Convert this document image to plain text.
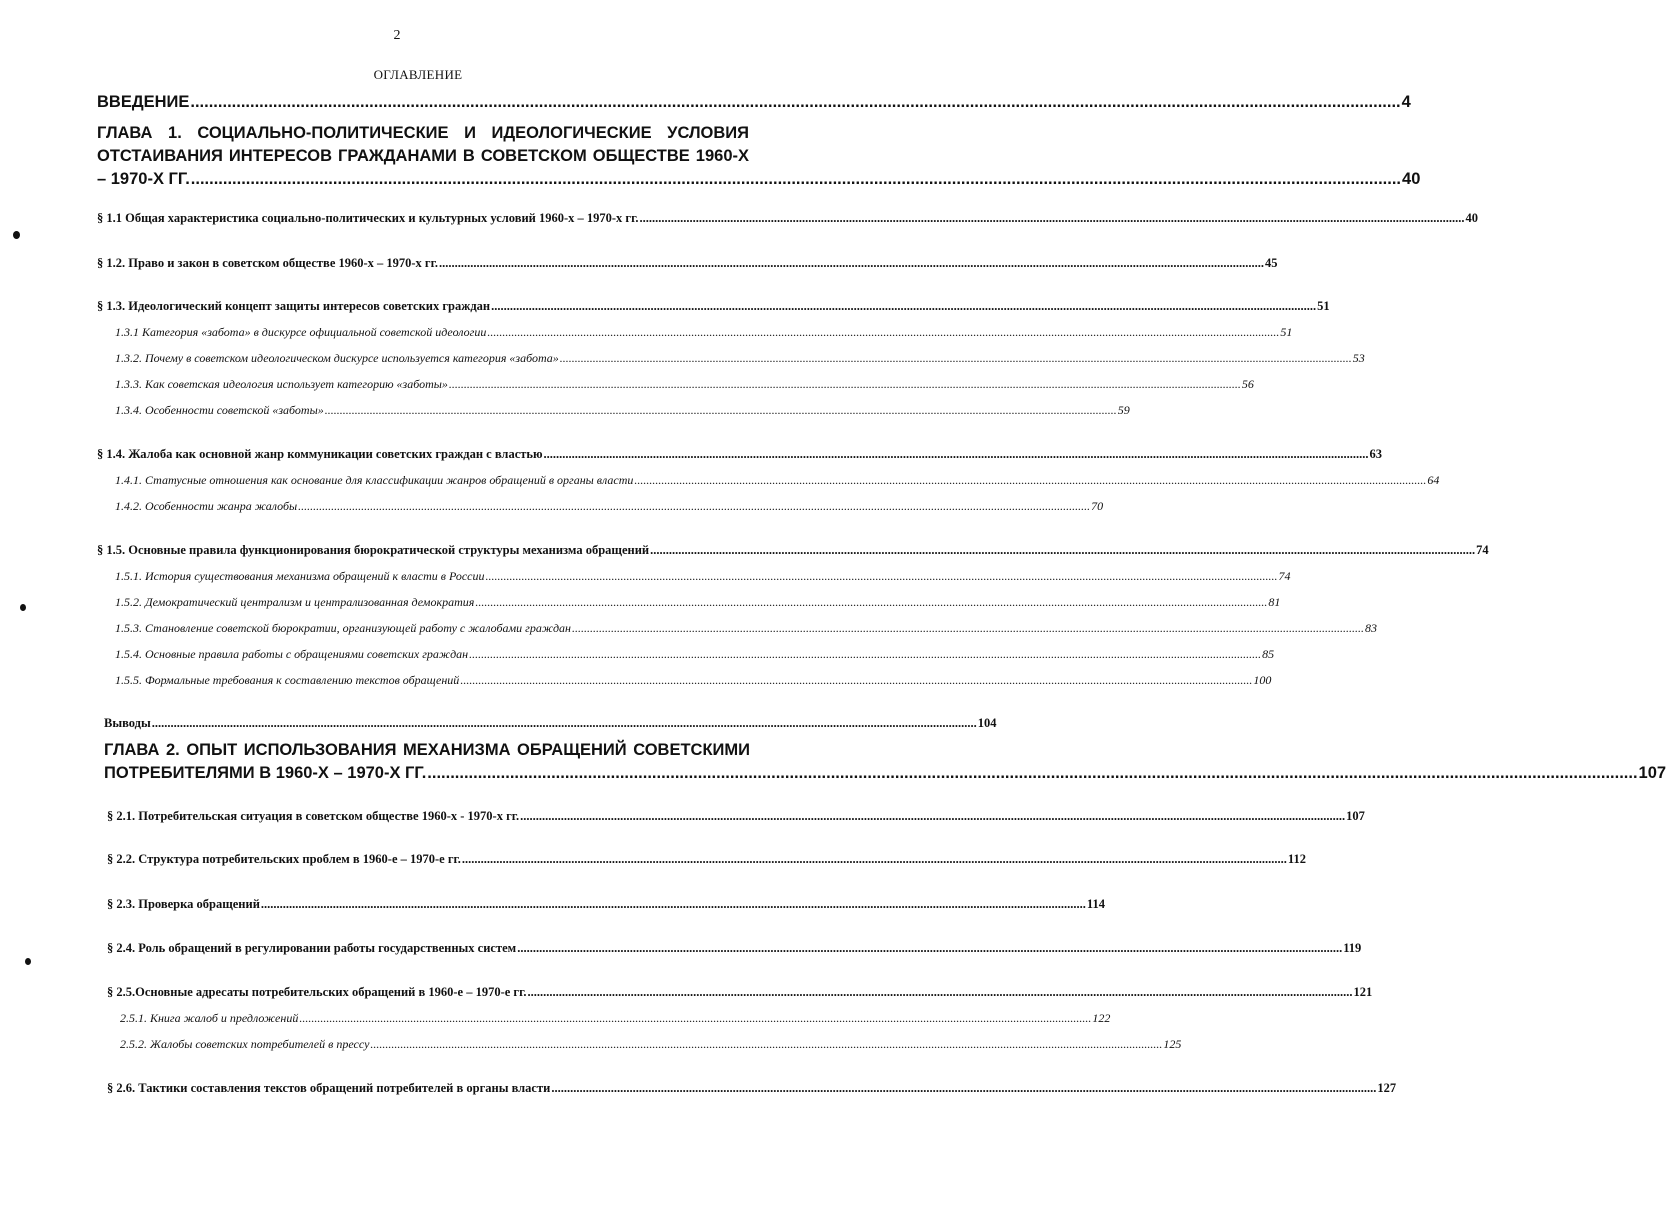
2
ОГЛАВЛЕНИЕ
ВВЕДЕНИЕ .....	4
ГЛАВА 1. СОЦИАЛЬНО-ПОЛИТИЧЕСКИЕ И ИДЕОЛОГИЧЕСКИЕ УСЛОВИЯ
ОТСТАИВАНИЯ ИНТЕРЕСОВ ГРАЖДАНАМИ В СОВЕТСКОМ ОБЩЕСТВЕ 1960-Х
– 1970-Х ГГ. .....	40
§ 1.1 Общая характеристика социально-политических и культурных условий 1960-х – 1970-х гг. .....	40
§ 1.2. Право и закон в советском обществе 1960-х – 1970-х гг. .....	45
§ 1.3. Идеологический концепт защиты интересов советских граждан .....	51
1.3.1 Категория «забота» в дискурсе официальной советской идеологии .....	51
1.3.2. Почему в советском идеологическом дискурсе используется категория «забота» .....	53
1.3.3. Как советская идеология использует категорию «заботы» .....	56
1.3.4. Особенности советской «заботы» .....	59
§ 1.4. Жалоба как основной жанр коммуникации советских граждан с властью .....	63
1.4.1. Статусные отношения как основание для классификации жанров обращений в органы власти .....	64
1.4.2. Особенности жанра жалобы .....	70
§ 1.5. Основные правила функционирования бюрократической структуры механизма обращений .....	74
1.5.1. История существования механизма обращений к власти в России .....	74
1.5.2. Демократический централизм и централизованная демократия .....	81
1.5.3. Становление советской бюрократии, организующей работу с жалобами граждан .....	83
1.5.4. Основные правила работы с обращениями советских граждан .....	85
1.5.5. Формальные требования к составлению текстов обращений .....	100
Выводы .....	104
ГЛАВА 2. ОПЫТ ИСПОЛЬЗОВАНИЯ МЕХАНИЗМА ОБРАЩЕНИЙ СОВЕТСКИМИ
ПОТРЕБИТЕЛЯМИ В 1960-Х – 1970-Х ГГ. .....	107
§ 2.1. Потребительская ситуация в советском обществе 1960-х - 1970-х гг. .....	107
§ 2.2. Структура потребительских проблем в 1960-е – 1970-е гг. .....	112
§ 2.3. Проверка обращений .....	114
§ 2.4. Роль обращений в регулировании работы государственных систем .....	119
§ 2.5.Основные адресаты потребительских обращений в 1960-е – 1970-е гг. .....	121
2.5.1. Книга жалоб и предложений .....	122
2.5.2. Жалобы советских потребителей в прессу .....	125
§ 2.6. Тактики составления текстов обращений потребителей в органы власти .....	127
